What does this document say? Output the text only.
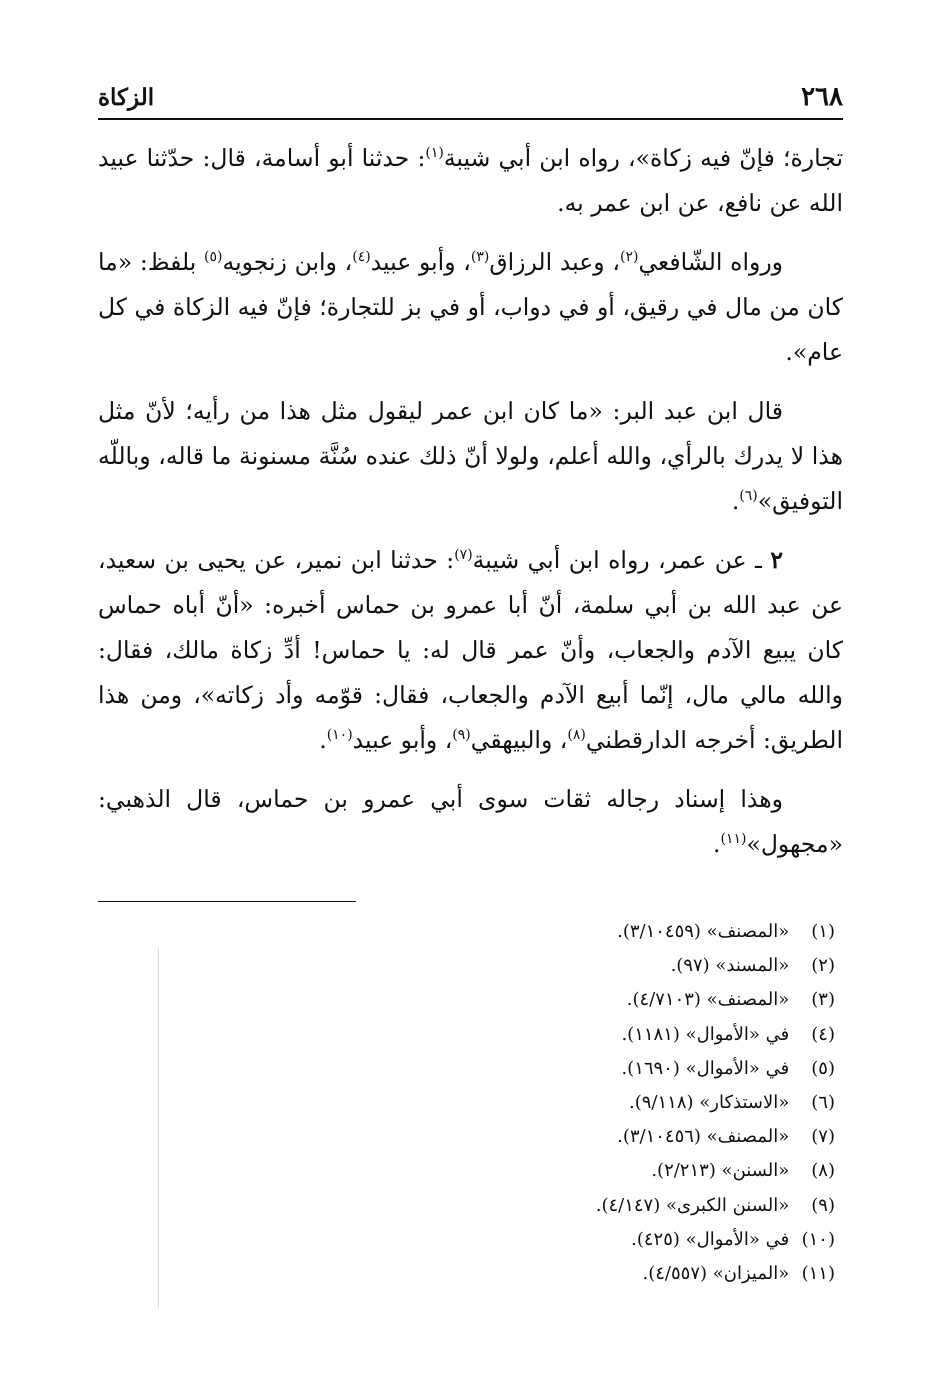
٢٦٨
الزكاة

تجارة؛ فإنّ فيه زكاة»، رواه ابن أبي شيبة$^{(١)}$: حدثنا أبو أسامة، قال: حدّثنا عبيد الله عن نافع، عن ابن عمر به.

ورواه الشّافعي$^{(٢)}$، وعبد الرزاق$^{(٣)}$، وأبو عبيد$^{(٤)}$، وابن زنجويه$^{(٥)}$ بلفظ: «ما كان من مال في رقيق، أو في دواب، أو في بز للتجارة؛ فإنّ فيه الزكاة في كل عام».

قال ابن عبد البر: «ما كان ابن عمر ليقول مثل هذا من رأيه؛ لأنّ مثل هذا لا يدرك بالرأي، والله أعلم، ولولا أنّ ذلك عنده سُنَّة مسنونة ما قاله، وباللّه التوفيق»$^{(٦)}$.

٢ ـ عن عمر، رواه ابن أبي شيبة$^{(٧)}$: حدثنا ابن نمير، عن يحيى بن سعيد، عن عبد الله بن أبي سلمة، أنّ أبا عمرو بن حماس أخبره: «أنّ أباه حماس كان يبيع الآدم والجعاب، وأنّ عمر قال له: يا حماس! أدِّ زكاة مالك، فقال: والله مالي مال، إنّما أبيع الآدم والجعاب، فقال: قوّمه وأد زكاته»، ومن هذا الطريق: أخرجه الدارقطني$^{(٨)}$، والبيهقي$^{(٩)}$، وأبو عبيد$^{(١٠)}$.

وهذا إسناد رجاله ثقات سوى أبي عمرو بن حماس، قال الذهبي: «مجهول»$^{(١١)}$.

(١) «المصنف» (٣/١٠٤٥٩).
(٢) «المسند» (٩٧).
(٣) «المصنف» (٤/٧١٠٣).
(٤) في «الأموال» (١١٨١).
(٥) في «الأموال» (١٦٩٠).
(٦) «الاستذكار» (٩/١١٨).
(٧) «المصنف» (٣/١٠٤٥٦).
(٨) «السنن» (٢/٢١٣).
(٩) «السنن الكبرى» (٤/١٤٧).
(١٠) في «الأموال» (٤٢٥).
(١١) «الميزان» (٤/٥٥٧).
